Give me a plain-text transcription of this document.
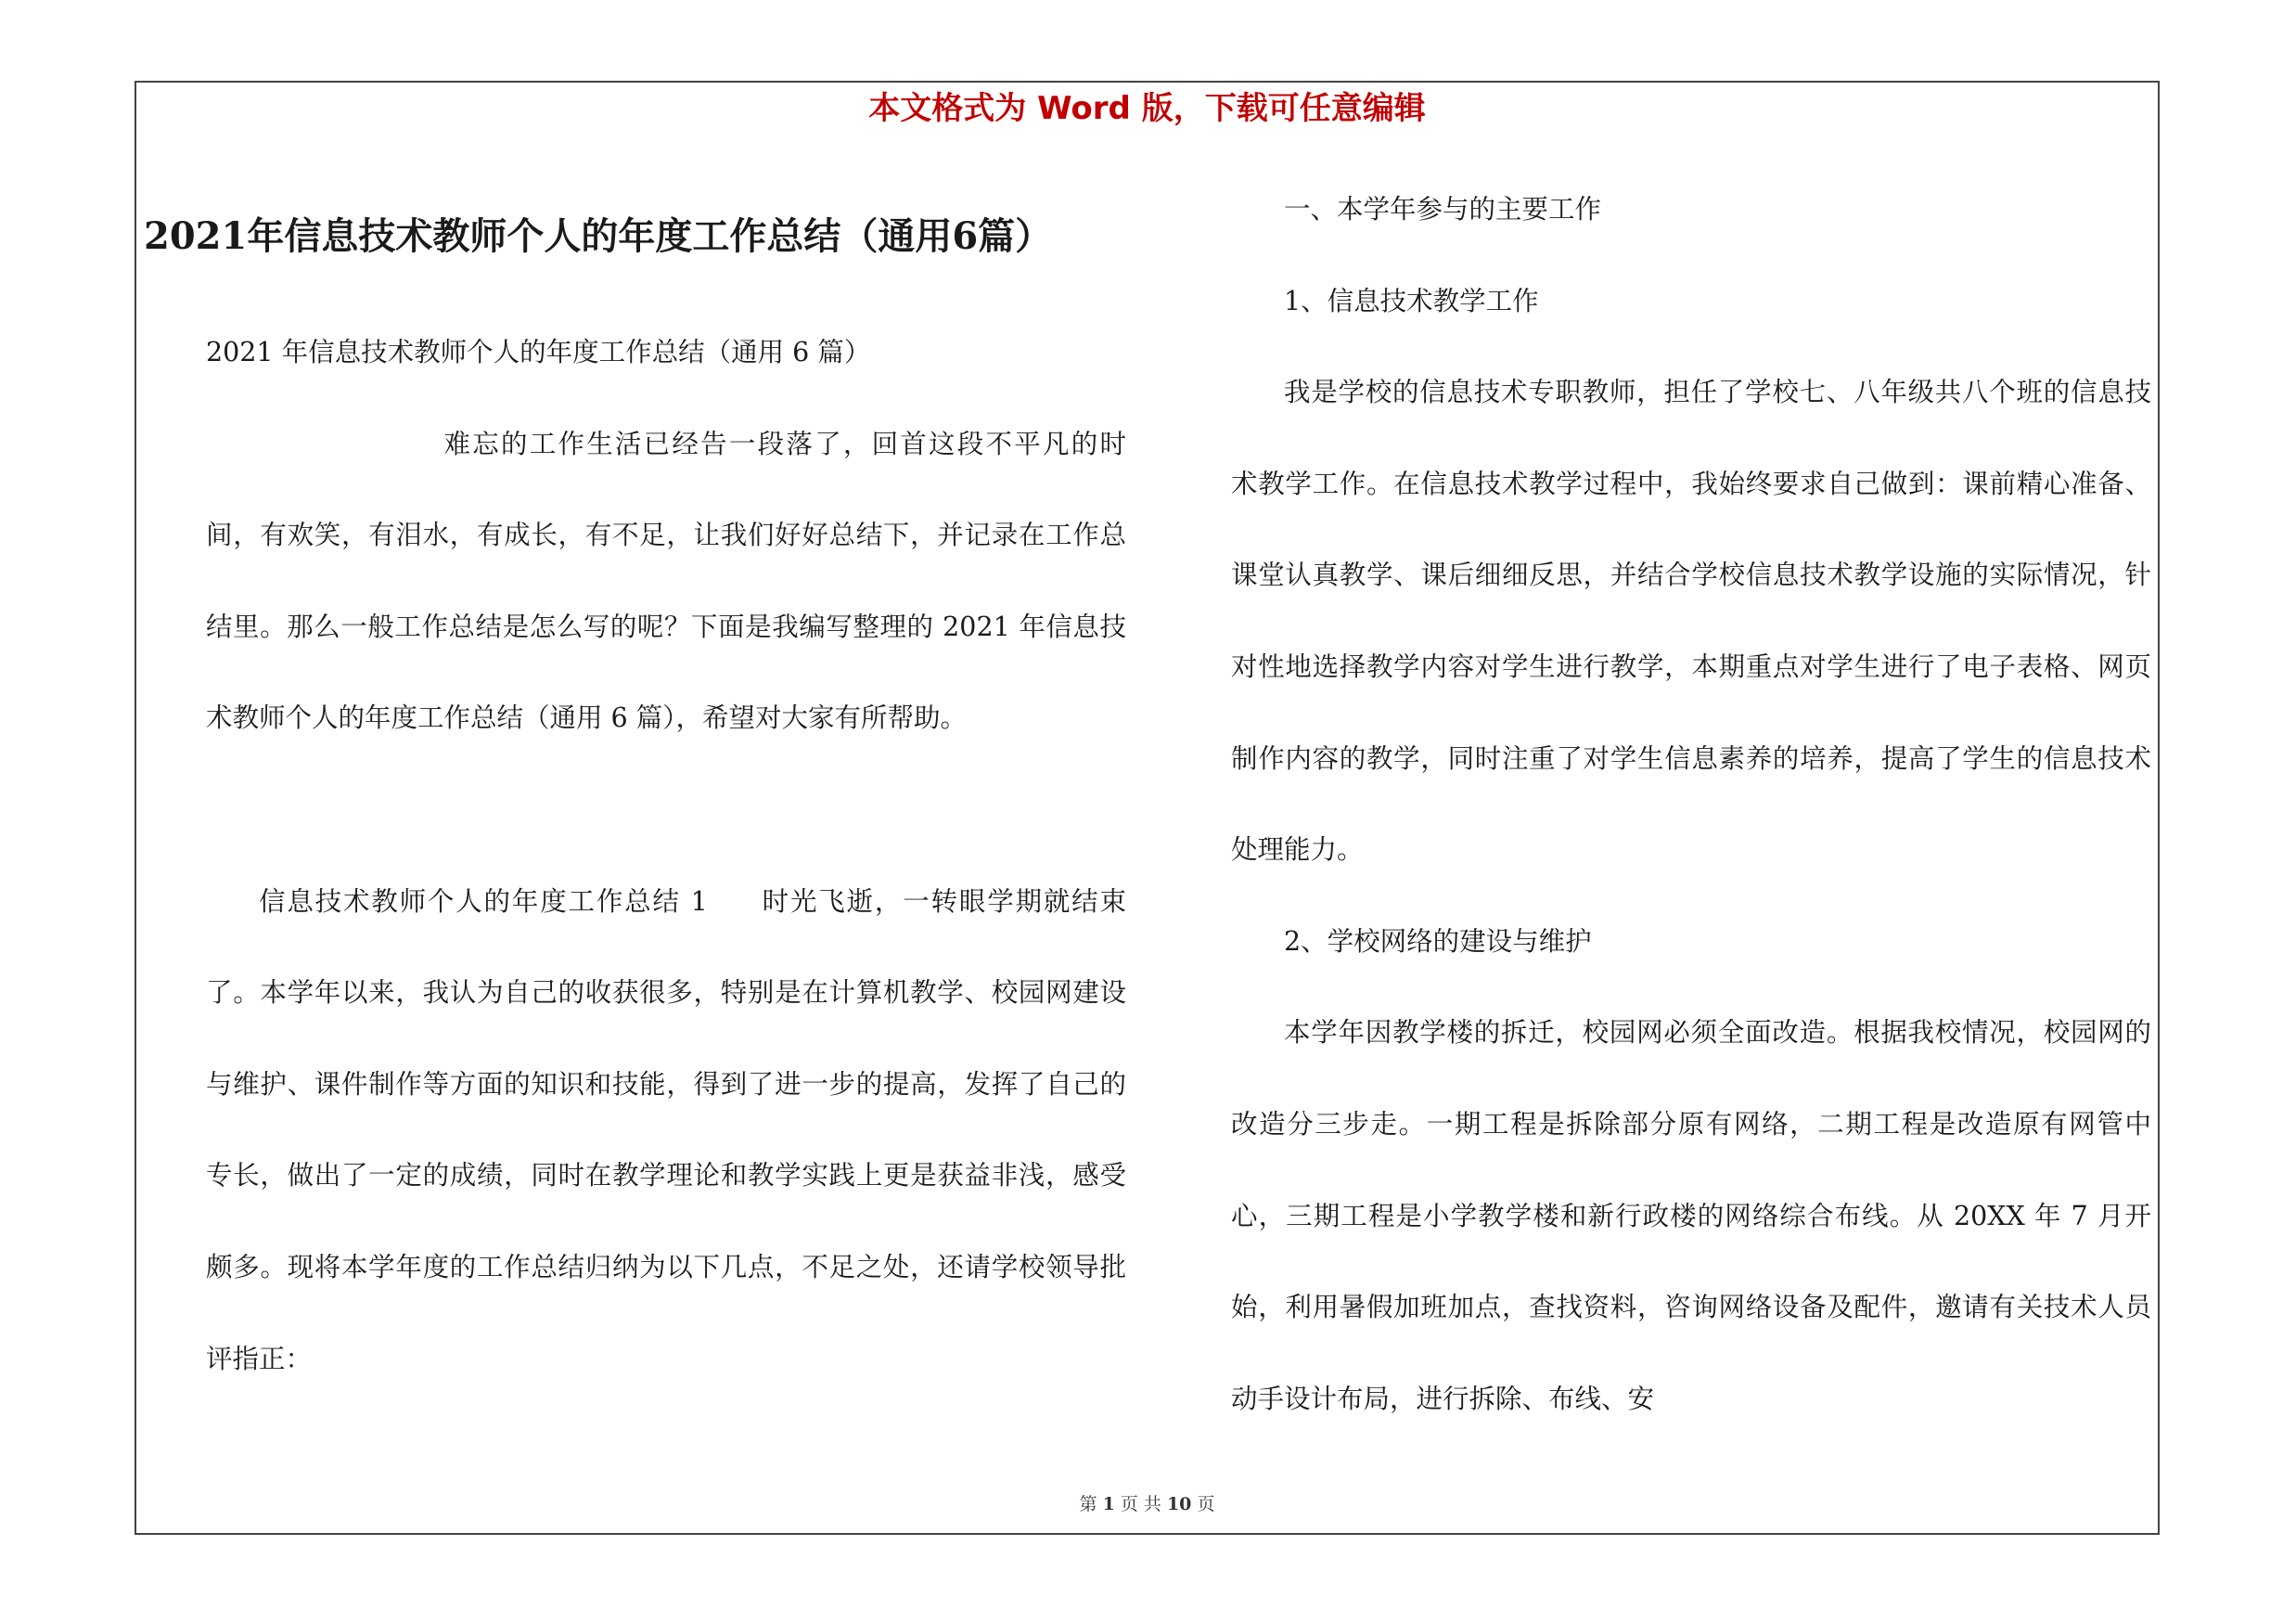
本文格式为 Word 版，下载可任意编辑
2021年信息技术教师个人的年度工作总结（通用6篇）

2021 年信息技术教师个人的年度工作总结（通用 6 篇）

难忘的工作生活已经告一段落了，回首这段不平凡的时间，有欢笑，有泪水，有成长，有不足，让我们好好总结下，并记录在工作总结里。那么一般工作总结是怎么写的呢？下面是我编写整理的 2021 年信息技术教师个人的年度工作总结（通用 6 篇），希望对大家有所帮助。

信息技术教师个人的年度工作总结 1   时光飞逝，一转眼学期就结束了。本学年以来，我认为自己的收获很多，特别是在计算机教学、校园网建设与维护、课件制作等方面的知识和技能，得到了进一步的提高，发挥了自己的专长，做出了一定的成绩，同时在教学理论和教学实践上更是获益非浅，感受颇多。现将本学年度的工作总结归纳为以下几点，不足之处，还请学校领导批评指正：

一、本学年参与的主要工作

1、信息技术教学工作

我是学校的信息技术专职教师，担任了学校七、八年级共八个班的信息技术教学工作。在信息技术教学过程中，我始终要求自己做到：课前精心准备、课堂认真教学、课后细细反思，并结合学校信息技术教学设施的实际情况，针对性地选择教学内容对学生进行教学，本期重点对学生进行了电子表格、网页制作内容的教学，同时注重了对学生信息素养的培养，提高了学生的信息技术处理能力。

2、学校网络的建设与维护

本学年因教学楼的拆迁，校园网必须全面改造。根据我校情况，校园网的改造分三步走。一期工程是拆除部分原有网络，二期工程是改造原有网管中心，三期工程是小学教学楼和新行政楼的网络综合布线。从 20XX 年 7 月开始，利用暑假加班加点，查找资料，咨询网络设备及配件，邀请有关技术人员动手设计布局，进行拆除、布线、安

第 1 页 共 10 页
